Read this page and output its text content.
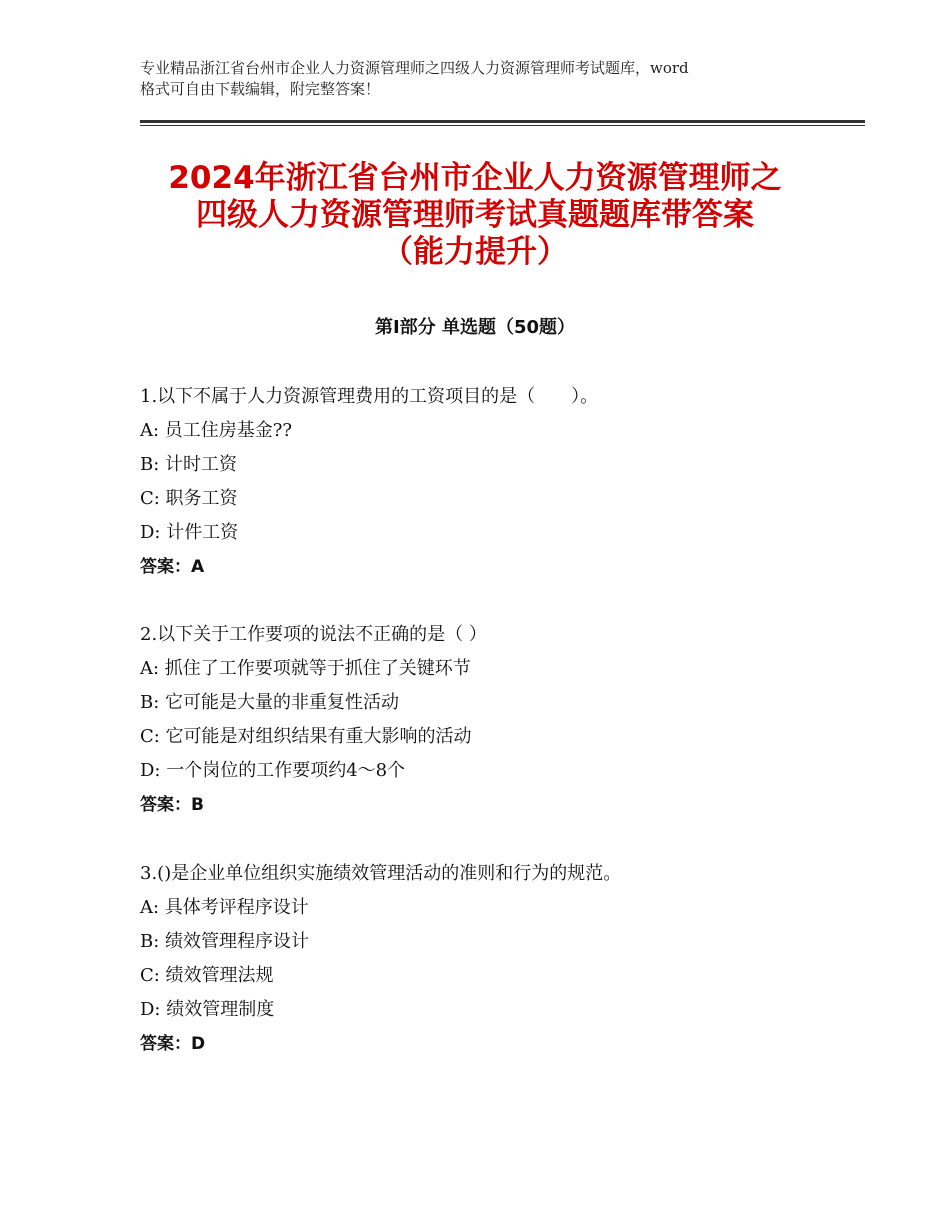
专业精品浙江省台州市企业人力资源管理师之四级人力资源管理师考试题库，word
格式可自由下载编辑，附完整答案！
2024年浙江省台州市企业人力资源管理师之
四级人力资源管理师考试真题题库带答案
（能力提升）
第Ⅰ部分 单选题（50题）
1.以下不属于人力资源管理费用的工资项目的是（　　）。
A: 员工住房基金??
B: 计时工资
C: 职务工资
D: 计件工资
答案：A
2.以下关于工作要项的说法不正确的是（ ）
A: 抓住了工作要项就等于抓住了关键环节
B: 它可能是大量的非重复性活动
C: 它可能是对组织结果有重大影响的活动
D: 一个岗位的工作要项约4～8个
答案：B
3.()是企业单位组织实施绩效管理活动的准则和行为的规范。
A: 具体考评程序设计
B: 绩效管理程序设计
C: 绩效管理法规
D: 绩效管理制度
答案：D
